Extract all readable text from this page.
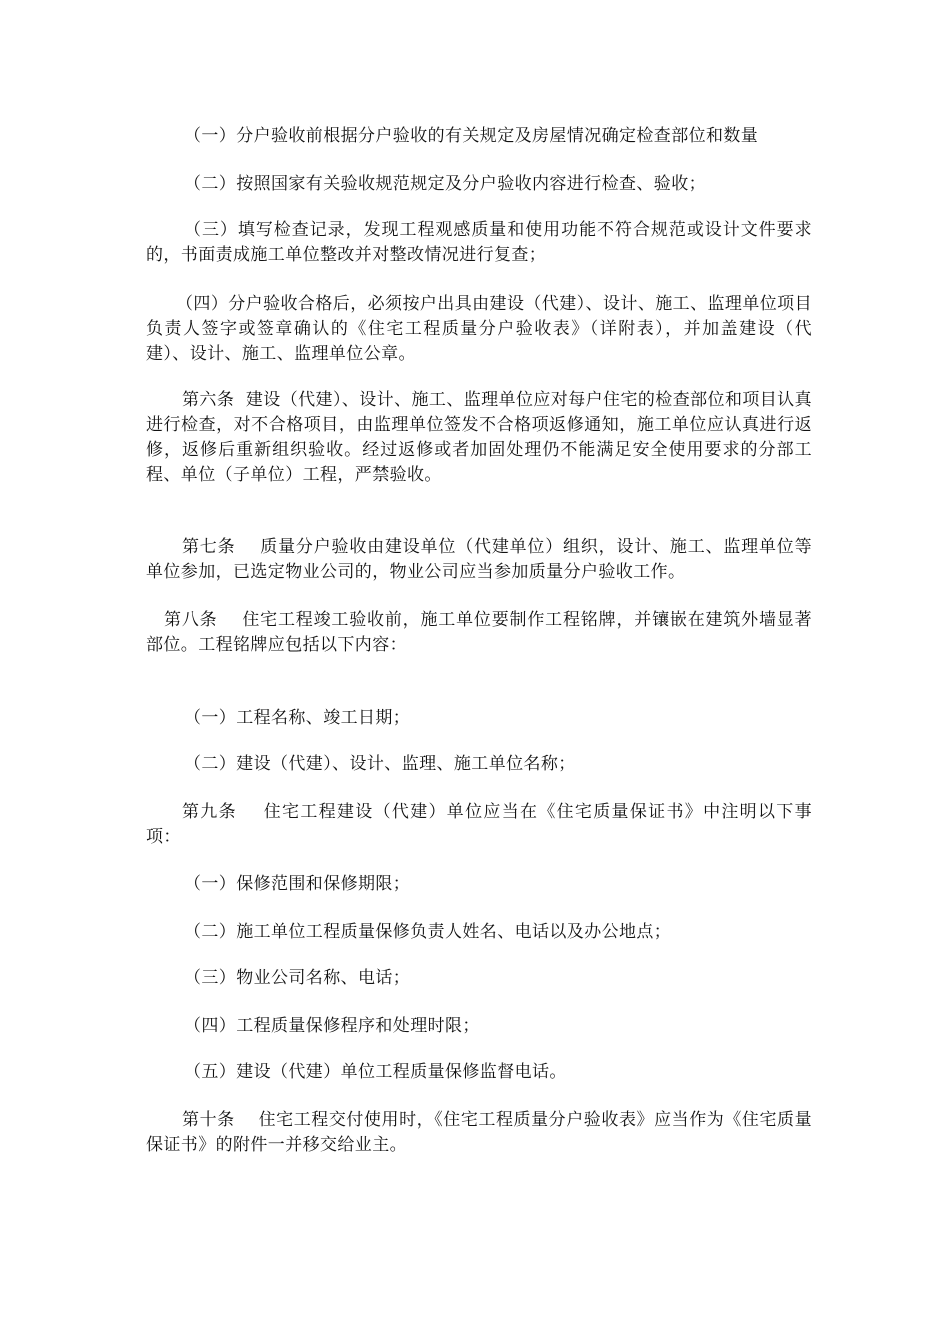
（一）分户验收前根据分户验收的有关规定及房屋情况确定检查部位和数量

（二）按照国家有关验收规范规定及分户验收内容进行检查、验收；

（三）填写检查记录，发现工程观感质量和使用功能不符合规范或设计文件要求的，书面责成施工单位整改并对整改情况进行复查；

（四）分户验收合格后，必须按户出具由建设（代建）、设计、施工、监理单位项目负责人签字或签章确认的《住宅工程质量分户验收表》（详附表），并加盖建设（代建）、设计、施工、监理单位公章。

第六条  建设（代建）、设计、施工、监理单位应对每户住宅的检查部位和项目认真进行检查，对不合格项目，由监理单位签发不合格项返修通知，施工单位应认真进行返修，返修后重新组织验收。经过返修或者加固处理仍不能满足安全使用要求的分部工程、单位（子单位）工程，严禁验收。

第七条    质量分户验收由建设单位（代建单位）组织，设计、施工、监理单位等单位参加，已选定物业公司的，物业公司应当参加质量分户验收工作。

第八条    住宅工程竣工验收前，施工单位要制作工程铭牌，并镶嵌在建筑外墙显著部位。工程铭牌应包括以下内容：

（一）工程名称、竣工日期；

（二）建设（代建）、设计、监理、施工单位名称；

第九条    住宅工程建设（代建）单位应当在《住宅质量保证书》中注明以下事项：

（一）保修范围和保修期限；

（二）施工单位工程质量保修负责人姓名、电话以及办公地点；

（三）物业公司名称、电话；

（四）工程质量保修程序和处理时限；

（五）建设（代建）单位工程质量保修监督电话。

第十条    住宅工程交付使用时，《住宅工程质量分户验收表》应当作为《住宅质量保证书》的附件一并移交给业主。
